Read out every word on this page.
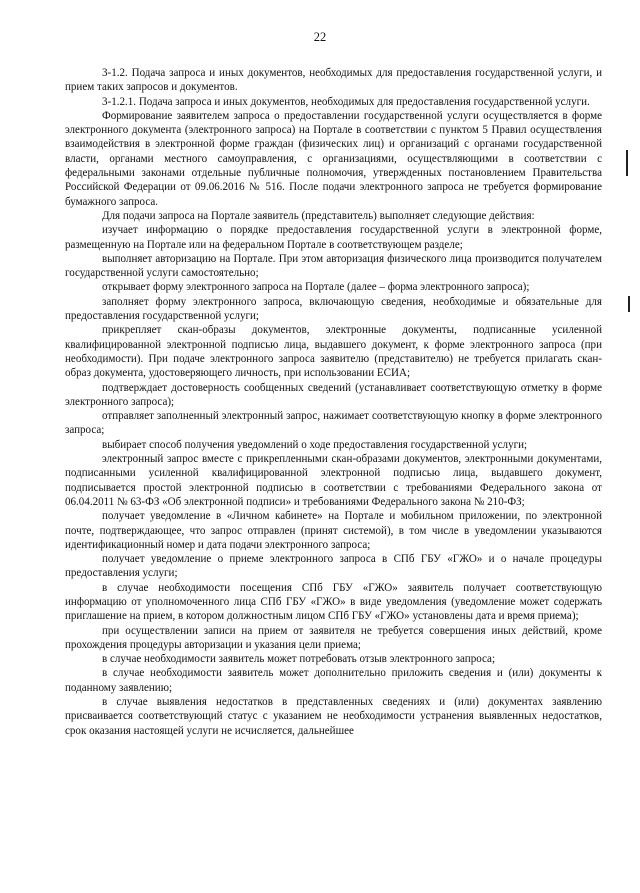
22

3-1.2. Подача запроса и иных документов, необходимых для предоставления государственной услуги, и прием таких запросов и документов.

3-1.2.1. Подача запроса и иных документов, необходимых для предоставления государственной услуги.

Формирование заявителем запроса о предоставлении государственной услуги осуществляется в форме электронного документа (электронного запроса) на Портале в соответствии с пунктом 5 Правил осуществления взаимодействия в электронной форме граждан (физических лиц) и организаций с органами государственной власти, органами местного самоуправления, с организациями, осуществляющими в соответствии с федеральными законами отдельные публичные полномочия, утвержденных постановлением Правительства Российской Федерации от 09.06.2016 № 516. После подачи электронного запроса не требуется формирование бумажного запроса.

Для подачи запроса на Портале заявитель (представитель) выполняет следующие действия:

изучает информацию о порядке предоставления государственной услуги в электронной форме, размещенную на Портале или на федеральном Портале в соответствующем разделе;

выполняет авторизацию на Портале. При этом авторизация физического лица производится получателем государственной услуги самостоятельно;

открывает форму электронного запроса на Портале (далее – форма электронного запроса);

заполняет форму электронного запроса, включающую сведения, необходимые и обязательные для предоставления государственной услуги;

прикрепляет скан-образы документов, электронные документы, подписанные усиленной квалифицированной электронной подписью лица, выдавшего документ, к форме электронного запроса (при необходимости). При подаче электронного запроса заявителю (представителю) не требуется прилагать скан-образ документа, удостоверяющего личность, при использовании ЕСИА;

подтверждает достоверность сообщенных сведений (устанавливает соответствующую отметку в форме электронного запроса);

отправляет заполненный электронный запрос, нажимает соответствующую кнопку в форме электронного запроса;

выбирает способ получения уведомлений о ходе предоставления государственной услуги;

электронный запрос вместе с прикрепленными скан-образами документов, электронными документами, подписанными усиленной квалифицированной электронной подписью лица, выдавшего документ, подписывается простой электронной подписью в соответствии с требованиями Федерального закона от 06.04.2011 № 63-ФЗ «Об электронной подписи» и требованиями Федерального закона № 210-ФЗ;

получает уведомление в «Личном кабинете» на Портале и мобильном приложении, по электронной почте, подтверждающее, что запрос отправлен (принят системой), в том числе в уведомлении указываются идентификационный номер и дата подачи электронного запроса;

получает уведомление о приеме электронного запроса в СПб ГБУ «ГЖО» и о начале процедуры предоставления услуги;

в случае необходимости посещения СПб ГБУ «ГЖО» заявитель получает соответствующую информацию от уполномоченного лица СПб ГБУ «ГЖО» в виде уведомления (уведомление может содержать приглашение на прием, в котором должностным лицом СПб ГБУ «ГЖО» установлены дата и время приема);

при осуществлении записи на прием от заявителя не требуется совершения иных действий, кроме прохождения процедуры авторизации и указания цели приема;

в случае необходимости заявитель может потребовать отзыв электронного запроса;

в случае необходимости заявитель может дополнительно приложить сведения и (или) документы к поданному заявлению;

в случае выявления недостатков в представленных сведениях и (или) документах заявлению присваивается соответствующий статус с указанием не необходимости устранения выявленных недостатков, срок оказания настоящей услуги не исчисляется, дальнейшее
